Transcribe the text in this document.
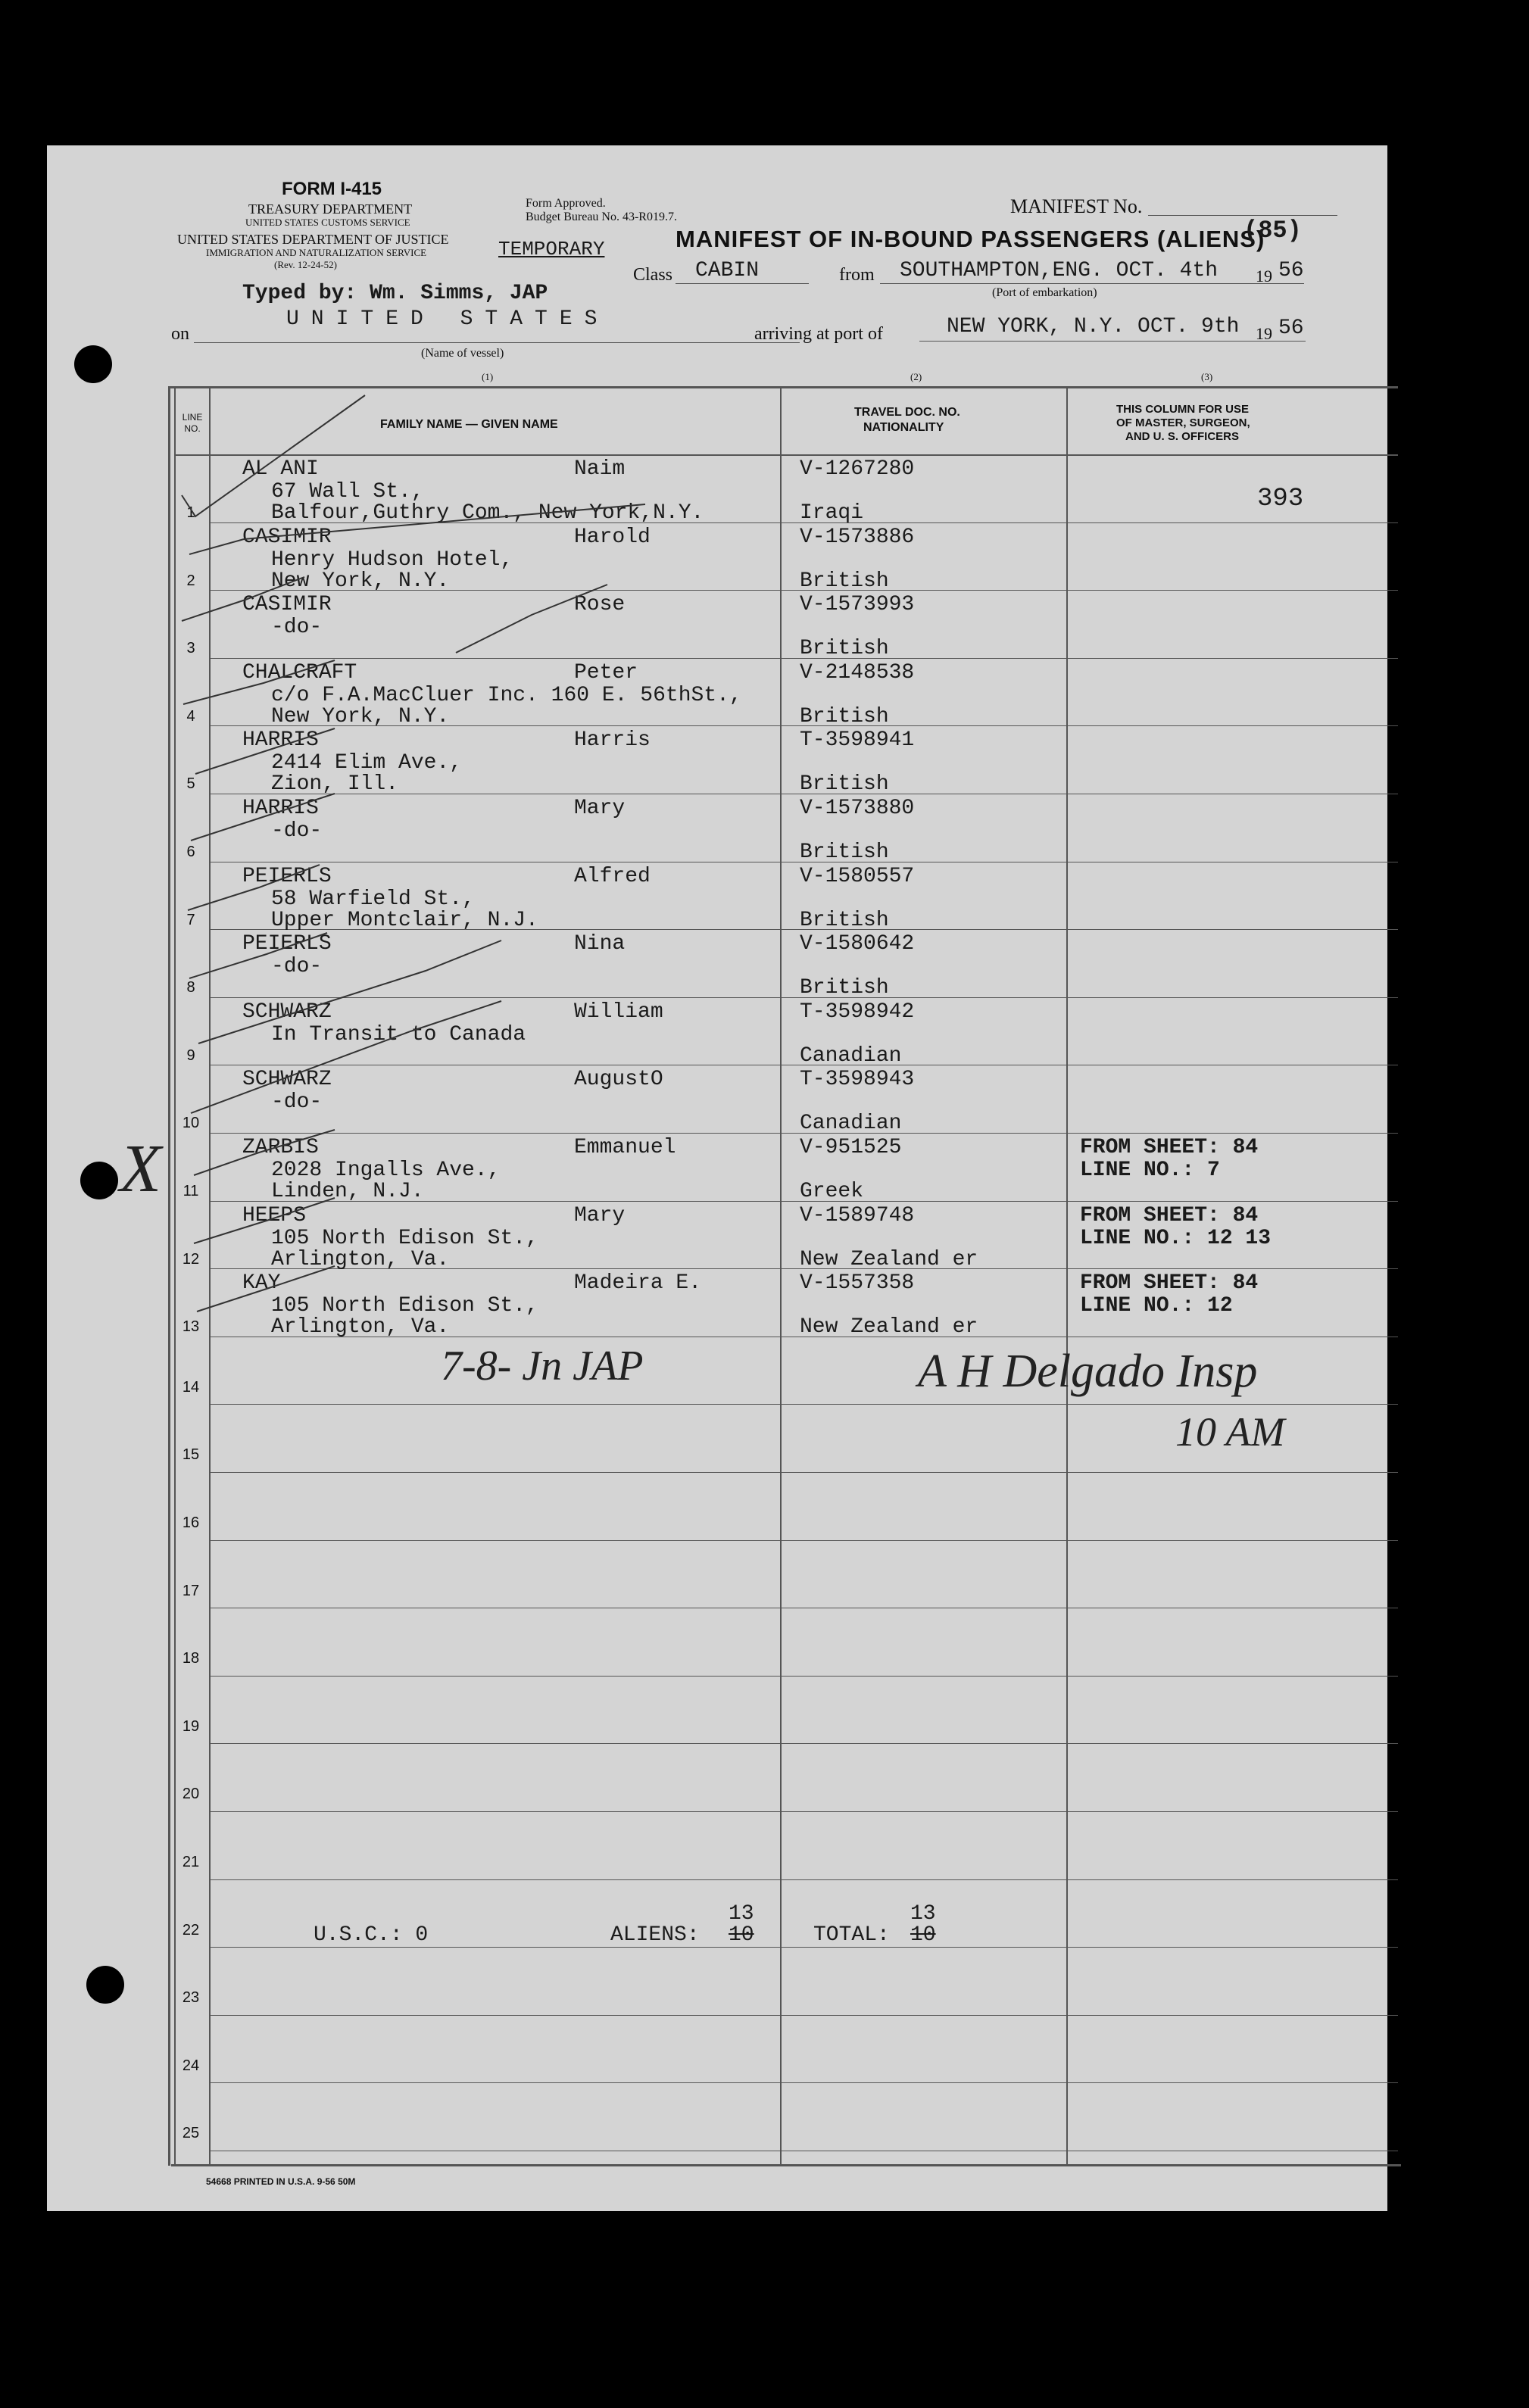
X
FORM I-415
TREASURY DEPARTMENT
UNITED STATES CUSTOMS SERVICE
Form Approved.
Budget Bureau No. 43-R019.7.
UNITED STATES DEPARTMENT OF JUSTICE
IMMIGRATION AND NATURALIZATION SERVICE
(Rev. 12-24-52)
TEMPORARY	MANIFEST OF IN-BOUND PASSENGERS (ALIENS)
MANIFEST No.
(85)
Typed by: Wm. Simms, JAP
Class CABIN	from SOUTHAMPTON,ENG. OCT. 4th 19 56
(Port of embarkation)
on
UNITED STATES
(Name of vessel)
arriving at port of	NEW YORK, N.Y. OCT. 9th 19 56
(1)	(2)	(3)
LINE NO.	FAMILY NAME — GIVEN NAME
TRAVEL DOC. NO.
NATIONALITY
THIS COLUMN FOR USE
OF MASTER, SURGEON,
AND U. S. OFFICERS
393
1
AL ANI	Naim
67 Wall St.,
Balfour,Guthry Com., New York,N.Y.
V-1267280
Iraqi
2
CASIMIR	Harold
Henry Hudson Hotel,
New York, N.Y.
V-1573886
British
3
CASIMIR	Rose
-do-
V-1573993
British
4
CHALCRAFT	Peter
c/o F.A.MacCluer Inc. 160 E. 56thSt.,
New York, N.Y.
V-2148538
British
5
HARRIS	Harris
2414 Elim Ave.,
Zion, Ill.
T-3598941
British
6
HARRIS	Mary
-do-
V-1573880
British
7
PEIERLS	Alfred
58 Warfield St.,
Upper Montclair, N.J.
V-1580557
British
8
PEIERLS	Nina
-do-
V-1580642
British
9
SCHWARZ	William
In Transit to Canada
T-3598942
Canadian
10
SCHWARZ	AugustO
-do-
T-3598943
Canadian
11
ZARBIS	Emmanuel
2028 Ingalls Ave.,
Linden, N.J.
V-951525
Greek
FROM SHEET: 84
LINE NO.: 7
12
HEEPS	Mary
105 North Edison St.,
Arlington, Va.
V-1589748
New Zealand er
FROM SHEET: 84
LINE NO.: 12 13
13
KAY	Madeira E.
105 North Edison St.,
Arlington, Va.
V-1557358
New Zealand er
FROM SHEET: 84
LINE NO.: 12
14
15
16
17
18
19
20
21
22
23
24
25
U.S.C.: 0	ALIENS: 10
13
TOTAL: 10
13
7-8- Jn JAP	A H Delgado Insp
10 AM
54668 PRINTED IN U.S.A. 9-56 50M
